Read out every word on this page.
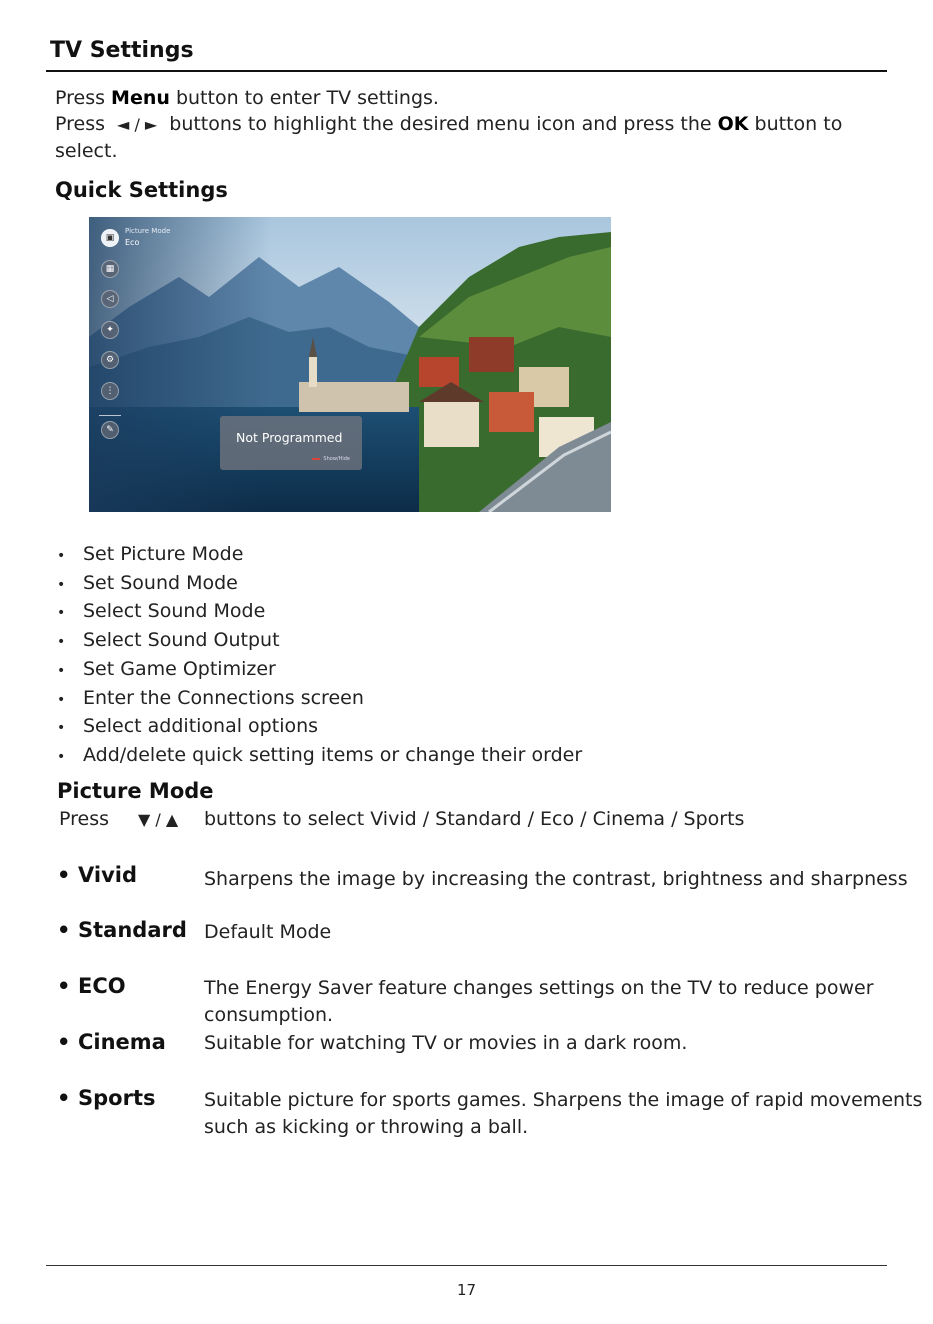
TV Settings
Press Menu button to enter TV settings.
Press ◄ / ► buttons to highlight the desired menu icon and press the OK button to select.
Quick Settings
▣
▦
◁
✦
⚙
⋮
✎
Picture Mode
Eco
Not Programmed
Show/Hide
• Set Picture Mode
• Set Sound Mode
• Select Sound Mode
• Select Sound Output
• Set Game Optimizer
• Enter the Connections screen
• Select additional options
• Add/delete quick setting items or change their order
Picture Mode
Press ▼ / ▲ buttons to select Vivid / Standard / Eco / Cinema / Sports
• Vivid	Sharpens the image by increasing the contrast, brightness and sharpness
• Standard Default Mode
• ECO	The Energy Saver feature changes settings on the TV to reduce power consumption.
• Cinema Suitable for watching TV or movies in a dark room.
• Sports	Suitable picture for sports games. Sharpens the image of rapid movements such as kicking or throwing a ball.
17
